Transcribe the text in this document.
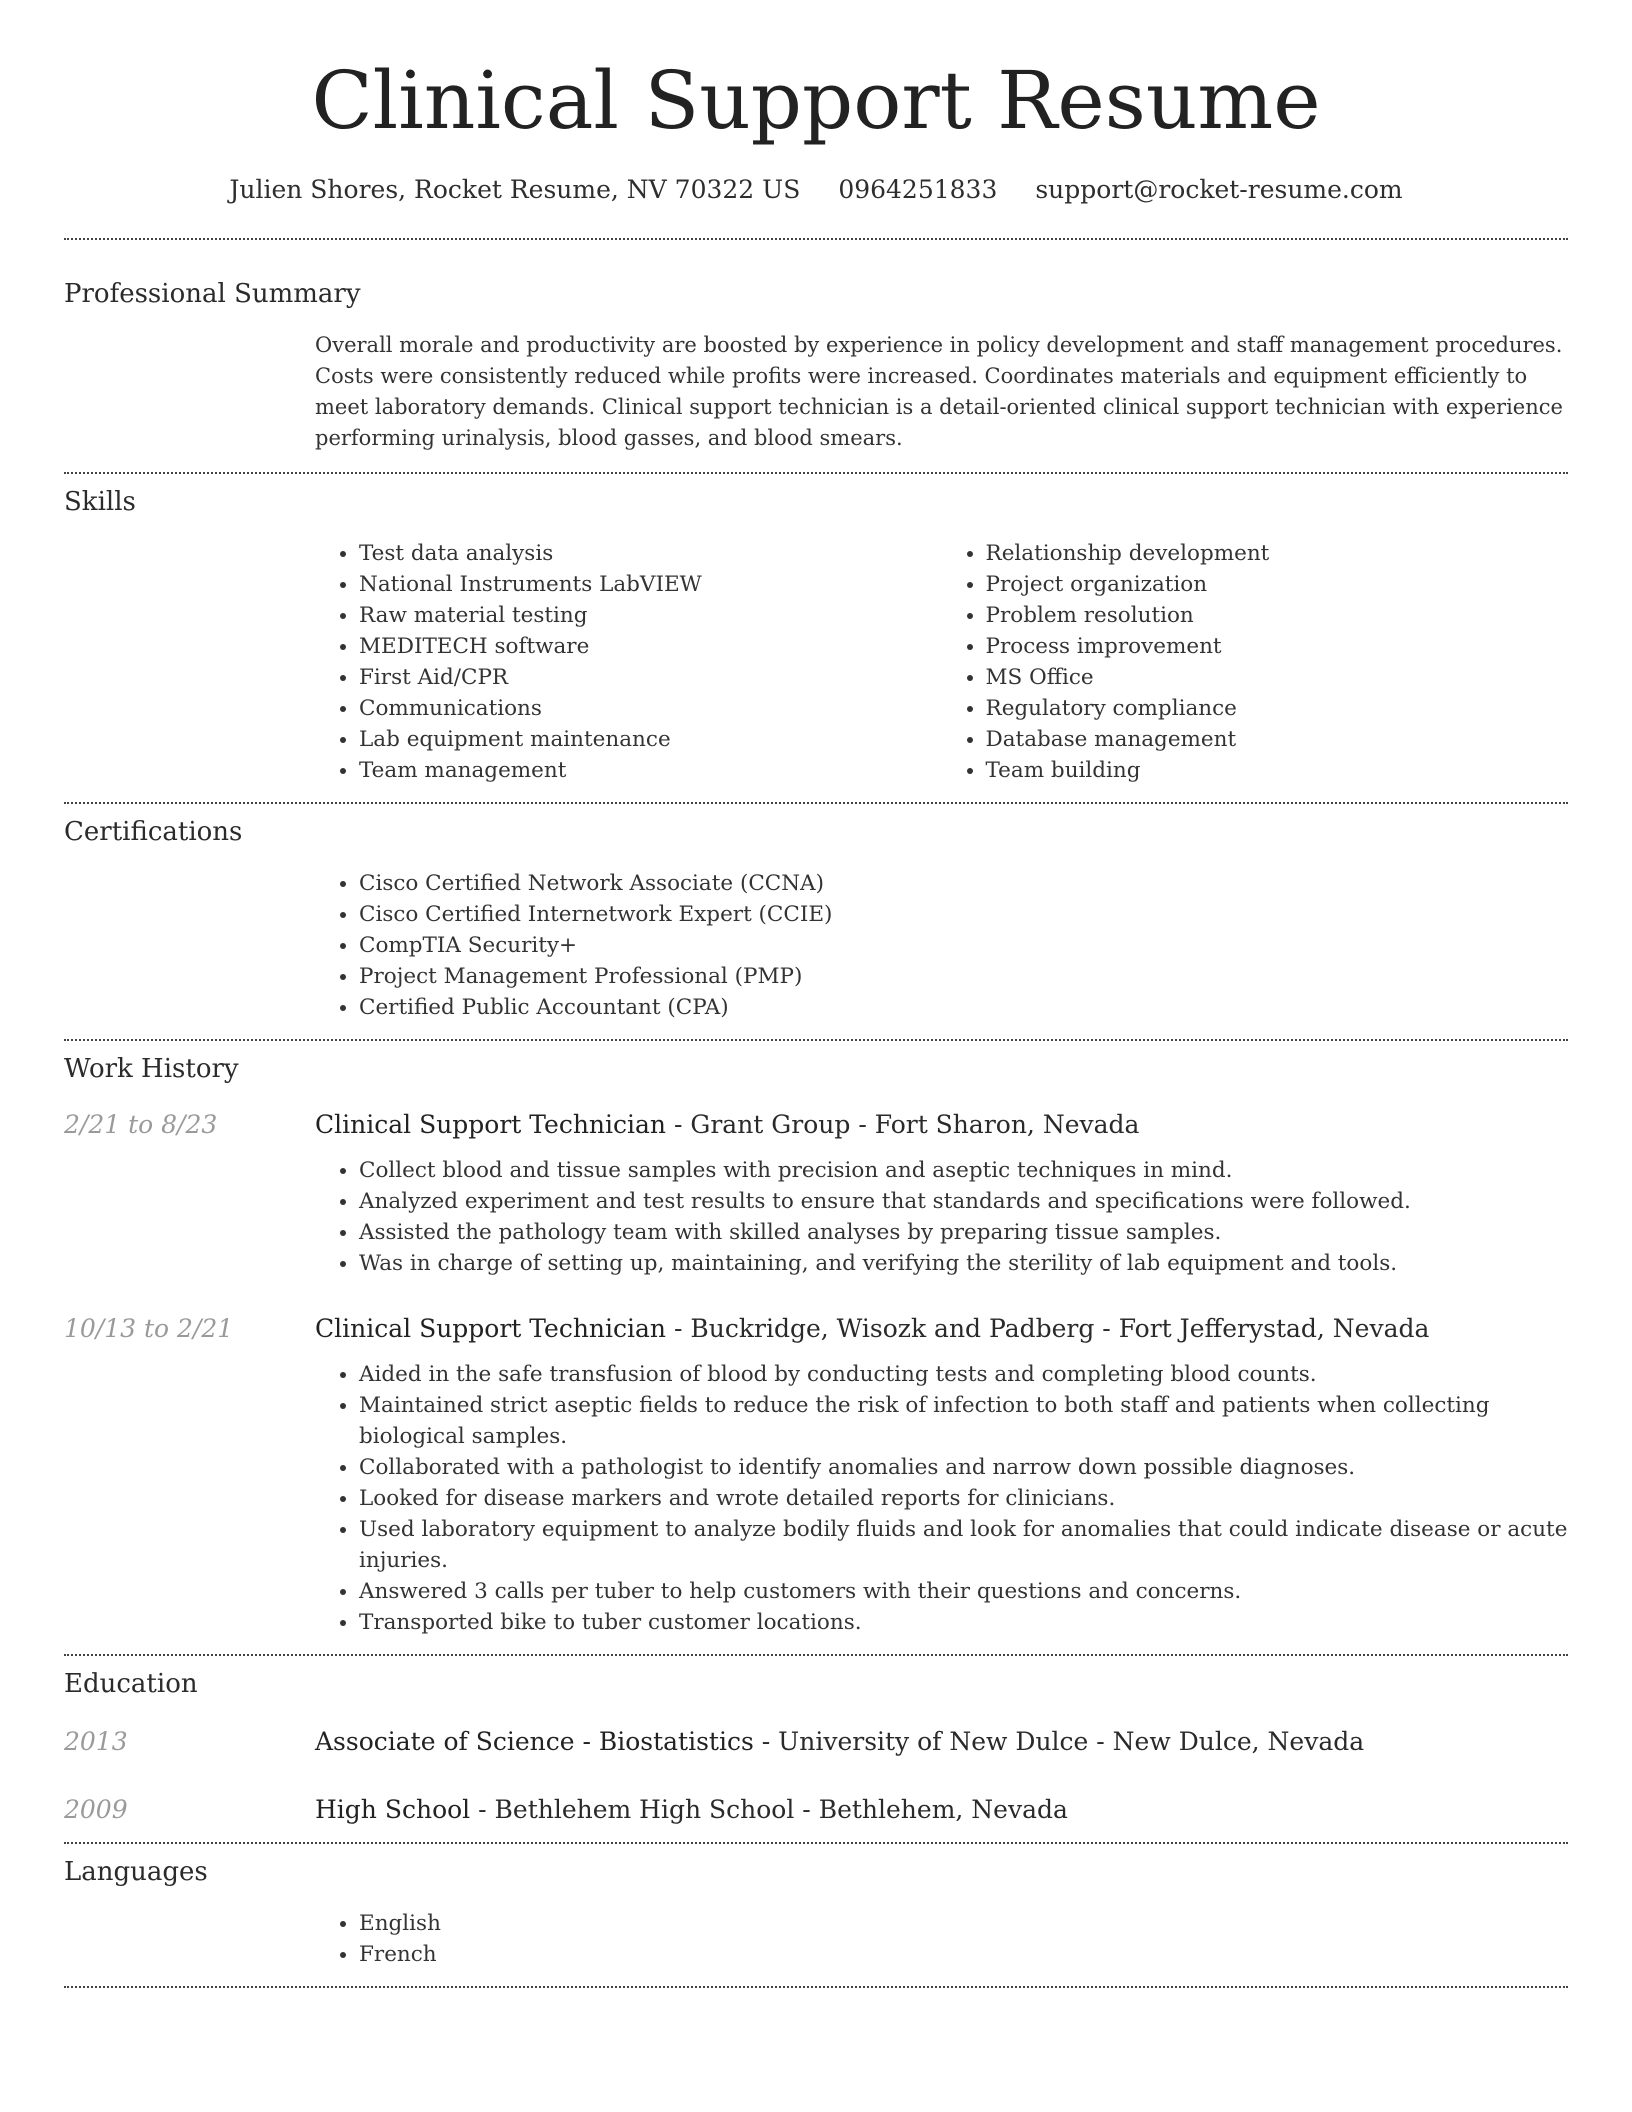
Clinical Support Resume
Julien Shores, Rocket Resume, NV 70322 US 0964251833 support@rocket-resume.com
Professional Summary

Overall morale and productivity are boosted by experience in policy development and staff management procedures. Costs were consistently reduced while profits were increased. Coordinates materials and equipment efficiently to meet laboratory demands. Clinical support technician is a detail-oriented clinical support technician with experience performing urinalysis, blood gasses, and blood smears.

Skills
• Test data analysis
• National Instruments LabVIEW
• Raw material testing
• MEDITECH software
• First Aid/CPR
• Communications
• Lab equipment maintenance
• Team management
• Relationship development
• Project organization
• Problem resolution
• Process improvement
• MS Office
• Regulatory compliance
• Database management
• Team building
Certifications
• Cisco Certified Network Associate (CCNA)
• Cisco Certified Internetwork Expert (CCIE)
• CompTIA Security+
• Project Management Professional (PMP)
• Certified Public Accountant (CPA)
Work History
2/21 to 8/23	Clinical Support Technician - Grant Group - Fort Sharon, Nevada
• Collect blood and tissue samples with precision and aseptic techniques in mind.
• Analyzed experiment and test results to ensure that standards and specifications were followed.
• Assisted the pathology team with skilled analyses by preparing tissue samples.
• Was in charge of setting up, maintaining, and verifying the sterility of lab equipment and tools.
10/13 to 2/21	Clinical Support Technician - Buckridge, Wisozk and Padberg - Fort Jefferystad, Nevada
• Aided in the safe transfusion of blood by conducting tests and completing blood counts.
• Maintained strict aseptic fields to reduce the risk of infection to both staff and patients when collecting biological samples.
• Collaborated with a pathologist to identify anomalies and narrow down possible diagnoses.
• Looked for disease markers and wrote detailed reports for clinicians.
• Used laboratory equipment to analyze bodily fluids and look for anomalies that could indicate disease or acute injuries.
• Answered 3 calls per tuber to help customers with their questions and concerns.
• Transported bike to tuber customer locations.
Education
2013	Associate of Science - Biostatistics - University of New Dulce - New Dulce, Nevada
2009	High School - Bethlehem High School - Bethlehem, Nevada
Languages
• English
• French
